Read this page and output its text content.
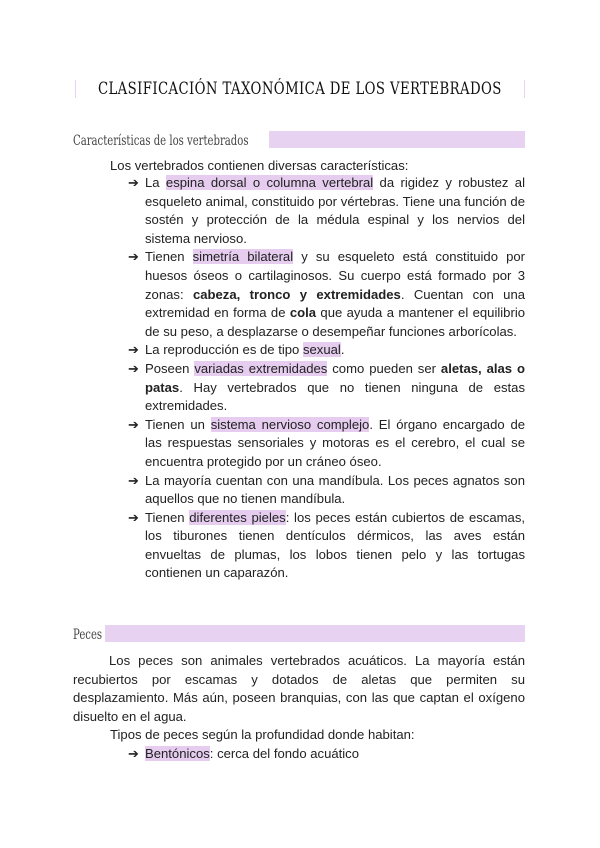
CLASIFICACIÓN TAXONÓMICA DE LOS VERTEBRADOS
Características de los vertebrados
Los vertebrados contienen diversas características:
➔ La espina dorsal o columna vertebral da rigidez y robustez al esqueleto animal, constituido por vértebras. Tiene una función de sostén y protección de la médula espinal y los nervios del sistema nervioso.
➔ Tienen simetría bilateral y su esqueleto está constituido por huesos óseos o cartilaginosos. Su cuerpo está formado por 3 zonas: cabeza, tronco y extremidades. Cuentan con una extremidad en forma de cola que ayuda a mantener el equilibrio de su peso, a desplazarse o desempeñar funciones arborícolas.
➔ La reproducción es de tipo sexual.
➔ Poseen variadas extremidades como pueden ser aletas, alas o patas. Hay vertebrados que no tienen ninguna de estas extremidades.
➔ Tienen un sistema nervioso complejo. El órgano encargado de las respuestas sensoriales y motoras es el cerebro, el cual se encuentra protegido por un cráneo óseo.
➔ La mayoría cuentan con una mandíbula. Los peces agnatos son aquellos que no tienen mandíbula.
➔ Tienen diferentes pieles: los peces están cubiertos de escamas, los tiburones tienen dentículos dérmicos, las aves están envueltas de plumas, los lobos tienen pelo y las tortugas contienen un caparazón.
Peces
Los peces son animales vertebrados acuáticos. La mayoría están recubiertos por escamas y dotados de aletas que permiten su desplazamiento. Más aún, poseen branquias, con las que captan el oxígeno disuelto en el agua.
Tipos de peces según la profundidad donde habitan:
➔ Bentónicos: cerca del fondo acuático
